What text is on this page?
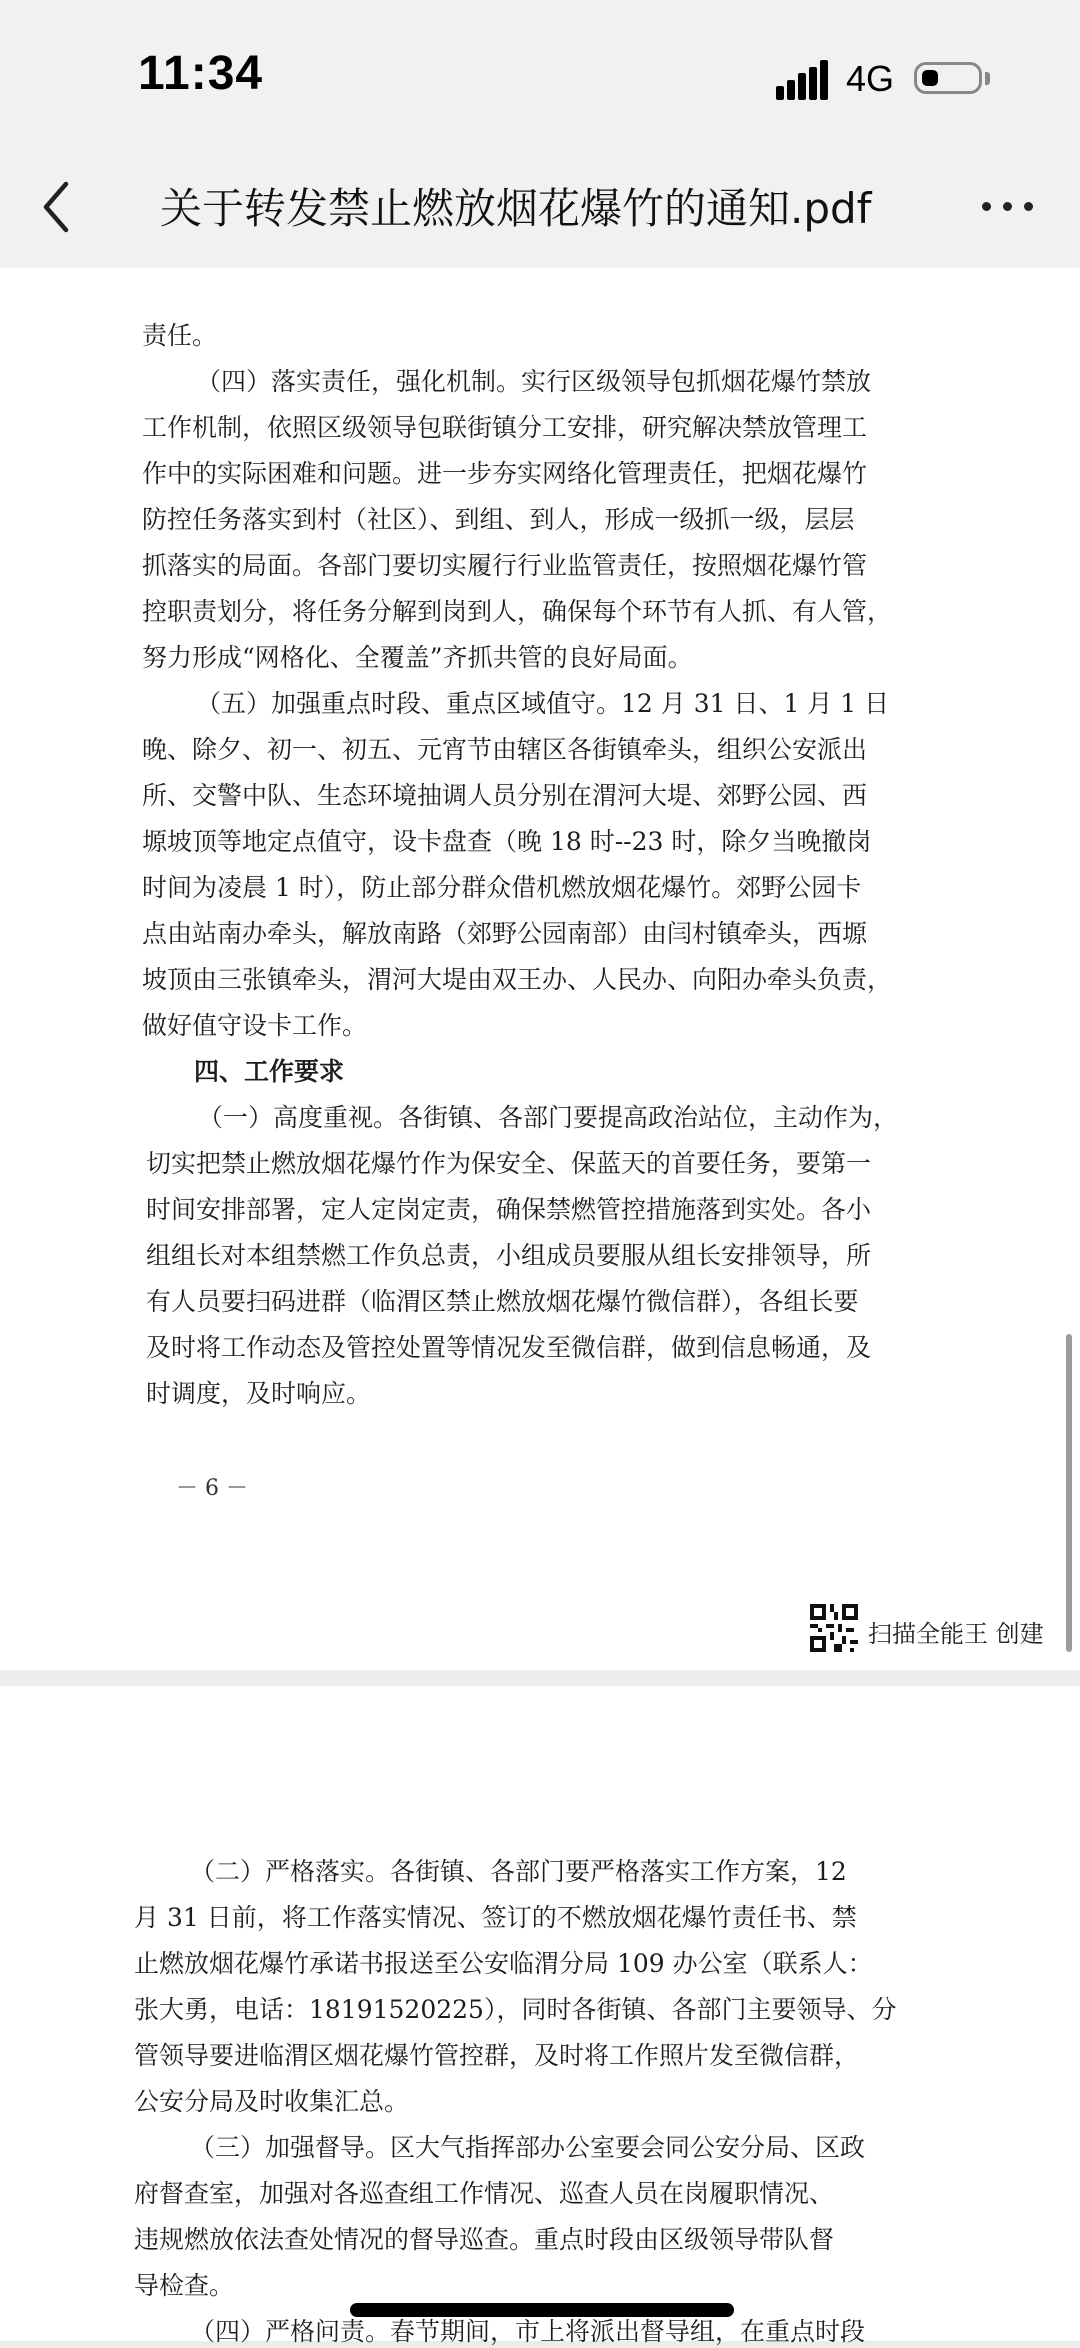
11:34	4G
关于转发禁止燃放烟花爆竹的通知.pdf
责任。
（四）落实责任，强化机制。实行区级领导包抓烟花爆竹禁放
工作机制，依照区级领导包联街镇分工安排，研究解决禁放管理工
作中的实际困难和问题。进一步夯实网络化管理责任，把烟花爆竹
防控任务落实到村（社区）、到组、到人，形成一级抓一级，层层
抓落实的局面。各部门要切实履行行业监管责任，按照烟花爆竹管
控职责划分，将任务分解到岗到人，确保每个环节有人抓、有人管，
努力形成“网格化、全覆盖”齐抓共管的良好局面。
（五）加强重点时段、重点区域值守。12 月 31 日、1 月 1 日
晚、除夕、初一、初五、元宵节由辖区各街镇牵头，组织公安派出
所、交警中队、生态环境抽调人员分别在渭河大堤、郊野公园、西
塬坡顶等地定点值守，设卡盘查（晚 18 时--23 时，除夕当晚撤岗
时间为凌晨 1 时），防止部分群众借机燃放烟花爆竹。郊野公园卡
点由站南办牵头，解放南路（郊野公园南部）由闫村镇牵头，西塬
坡顶由三张镇牵头，渭河大堤由双王办、人民办、向阳办牵头负责，
做好值守设卡工作。
四、工作要求
（一）高度重视。各街镇、各部门要提高政治站位，主动作为，
切实把禁止燃放烟花爆竹作为保安全、保蓝天的首要任务，要第一
时间安排部署，定人定岗定责，确保禁燃管控措施落到实处。各小
组组长对本组禁燃工作负总责，小组成员要服从组长安排领导，所
有人员要扫码进群（临渭区禁止燃放烟花爆竹微信群），各组长要
及时将工作动态及管控处置等情况发至微信群，做到信息畅通，及
时调度，及时响应。
－ 6 －
扫描全能王 创建
（二）严格落实。各街镇、各部门要严格落实工作方案，12
月 31 日前，将工作落实情况、签订的不燃放烟花爆竹责任书、禁
止燃放烟花爆竹承诺书报送至公安临渭分局 109 办公室（联系人：
张大勇，电话：18191520225），同时各街镇、各部门主要领导、分
管领导要进临渭区烟花爆竹管控群，及时将工作照片发至微信群，
公安分局及时收集汇总。
（三）加强督导。区大气指挥部办公室要会同公安分局、区政
府督查室，加强对各巡查组工作情况、巡查人员在岗履职情况、
违规燃放依法查处情况的督导巡查。重点时段由区级领导带队督
导检查。
（四）严格问责。春节期间，市上将派出督导组，在重点时段
